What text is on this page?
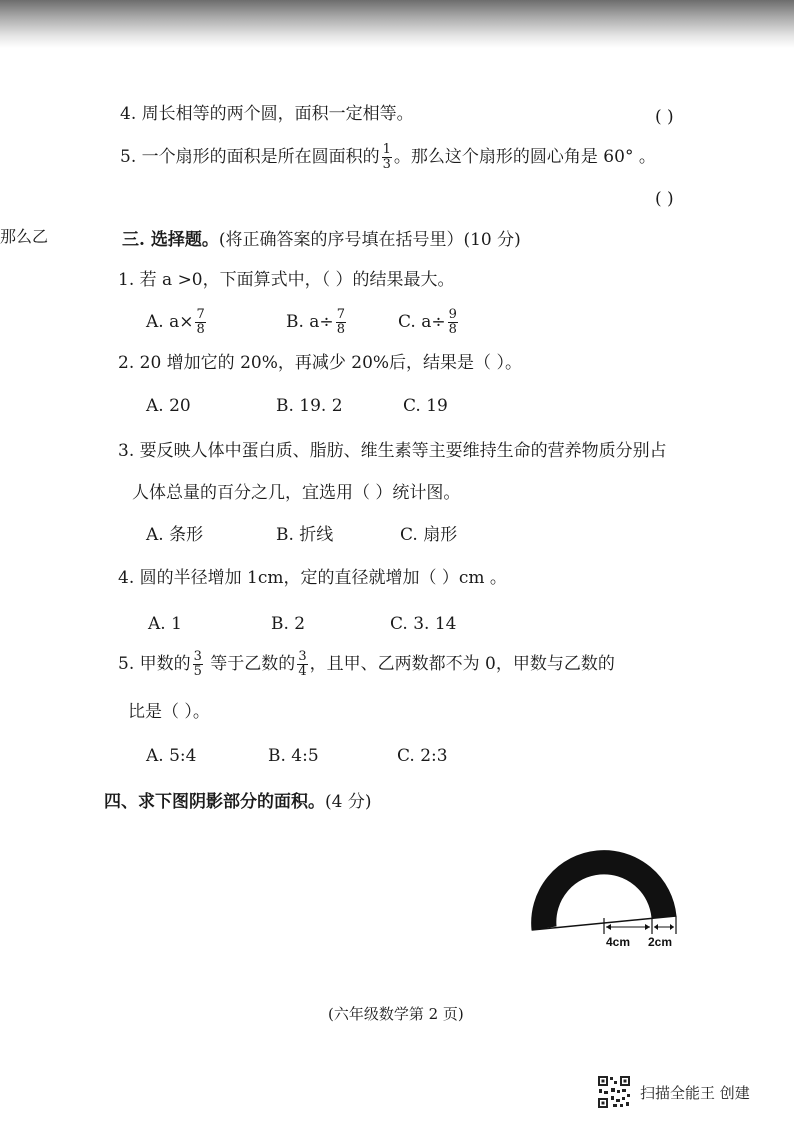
那么乙
4. 周长相等的两个圆，面积一定相等。	( )
5. 一个扇形的面积是所在圆面积的 $\frac{1}{3}$ 。那么这个扇形的圆心角是 60° 。
( )
三. 选择题。(将正确答案的序号填在括号里）(10 分)
1. 若 a >0，下面算式中，（ ）的结果最大。
A. $a\times \frac{7}{8}$	B. $a\div \frac{7}{8}$	C. $a\div \frac{9}{8}$
2. 20 增加它的 20%，再减少 20%后，结果是（ ）。
A. 20	B. 19. 2	C. 19
3. 要反映人体中蛋白质、脂肪、维生素等主要维持生命的营养物质分别占
人体总量的百分之几，宜选用（ ）统计图。
A. 条形	B. 折线	C. 扇形
4. 圆的半径增加 1cm，定的直径就增加（ ）cm 。
A. 1	B. 2	C. 3. 14
5. 甲数的 $\frac{3}{5}$ 等于乙数的 $\frac{3}{4}$ ，且甲、乙两数都不为 0，甲数与乙数的
比是（ ）。
A. 5:4	B. 4:5	C. 2:3
四、求下图阴影部分的面积。(4 分)
4cm 2cm
(六年级数学第 2 页)
扫描全能王 创建
